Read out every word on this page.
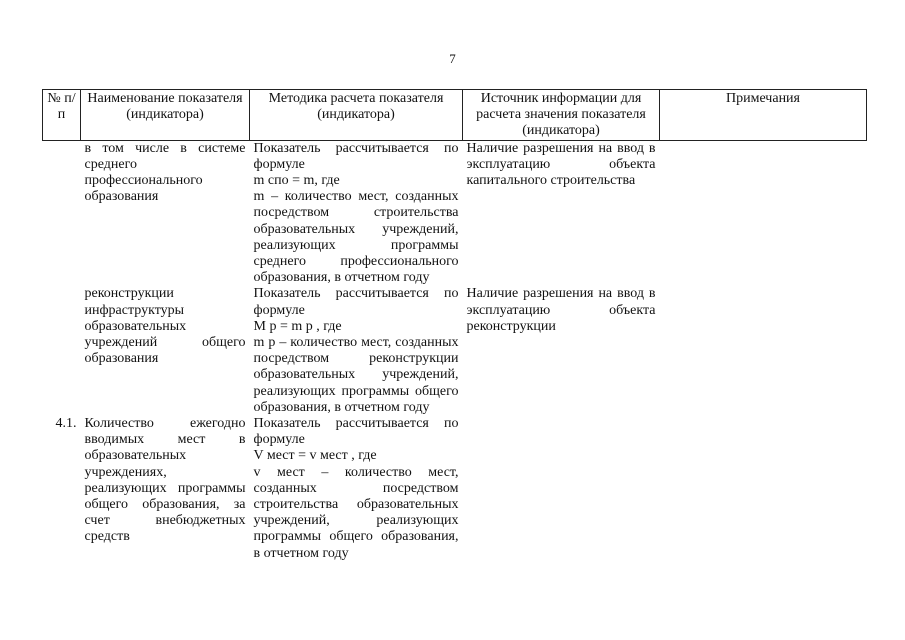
7
№ п/п	Наименование показателя (индикатора)	Методика расчета показателя (индикатора)	Источник информации для расчета значения показателя (индикатора)	Примечания
	в том числе в системе среднего профессионального образования	Показатель рассчитывается по формуле
m спо = m, где
m – количество мест, созданных посредством строительства образовательных учреждений, реализующих программы среднего профессионального образования, в отчетном году	Наличие разрешения на ввод в эксплуатацию объекта капитального строительства	
	реконструкции инфраструктуры образовательных учреждений общего образования	Показатель рассчитывается по формуле
M р = m р , где
m р – количество мест, созданных посредством реконструкции образовательных учреждений, реализующих программы общего образования, в отчетном году	Наличие разрешения на ввод в эксплуатацию объекта реконструкции	
4.1.	Количество ежегодно вводимых мест в образовательных учреждениях, реализующих программы общего образования, за счет внебюджетных средств	Показатель рассчитывается по формуле
V мест = v мест , где
v мест – количество мест, созданных посредством строительства образовательных учреждений, реализующих программы общего образования, в отчетном году		
